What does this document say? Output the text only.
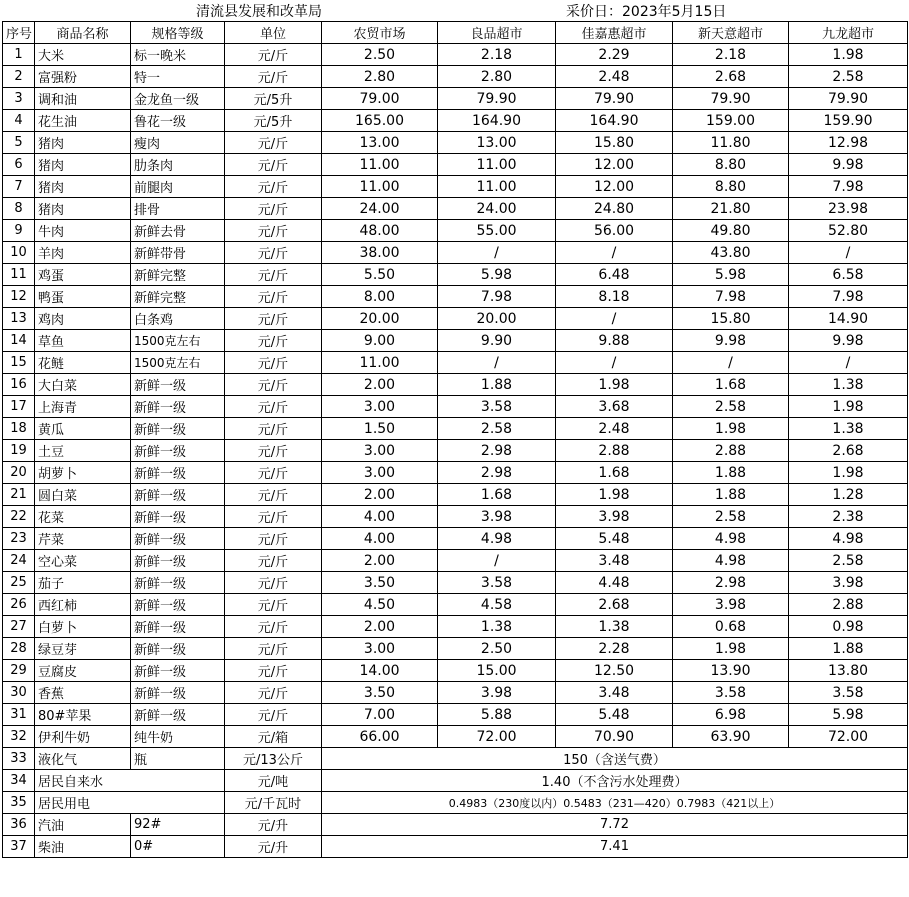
清流县发展和改革局	采价日：2023年5月15日
序号	商品名称	规格等级	单位	农贸市场	良品超市	佳嘉惠超市	新天意超市	九龙超市
1	大米	标一晚米	元/斤	2.50	2.18	2.29	2.18	1.98
2	富强粉	特一	元/斤	2.80	2.80	2.48	2.68	2.58
3	调和油	金龙鱼一级	元/5升	79.00	79.90	79.90	79.90	79.90
4	花生油	鲁花一级	元/5升	165.00	164.90	164.90	159.00	159.90
5	猪肉	瘦肉	元/斤	13.00	13.00	15.80	11.80	12.98
6	猪肉	肋条肉	元/斤	11.00	11.00	12.00	8.80	9.98
7	猪肉	前腿肉	元/斤	11.00	11.00	12.00	8.80	7.98
8	猪肉	排骨	元/斤	24.00	24.00	24.80	21.80	23.98
9	牛肉	新鲜去骨	元/斤	48.00	55.00	56.00	49.80	52.80
10	羊肉	新鲜带骨	元/斤	38.00	/	/	43.80	/
11	鸡蛋	新鲜完整	元/斤	5.50	5.98	6.48	5.98	6.58
12	鸭蛋	新鲜完整	元/斤	8.00	7.98	8.18	7.98	7.98
13	鸡肉	白条鸡	元/斤	20.00	20.00	/	15.80	14.90
14	草鱼	1500克左右	元/斤	9.00	9.90	9.88	9.98	9.98
15	花鲢	1500克左右	元/斤	11.00	/	/	/	/
16	大白菜	新鲜一级	元/斤	2.00	1.88	1.98	1.68	1.38
17	上海青	新鲜一级	元/斤	3.00	3.58	3.68	2.58	1.98
18	黄瓜	新鲜一级	元/斤	1.50	2.58	2.48	1.98	1.38
19	土豆	新鲜一级	元/斤	3.00	2.98	2.88	2.88	2.68
20	胡萝卜	新鲜一级	元/斤	3.00	2.98	1.68	1.88	1.98
21	圆白菜	新鲜一级	元/斤	2.00	1.68	1.98	1.88	1.28
22	花菜	新鲜一级	元/斤	4.00	3.98	3.98	2.58	2.38
23	芹菜	新鲜一级	元/斤	4.00	4.98	5.48	4.98	4.98
24	空心菜	新鲜一级	元/斤	2.00	/	3.48	4.98	2.58
25	茄子	新鲜一级	元/斤	3.50	3.58	4.48	2.98	3.98
26	西红柿	新鲜一级	元/斤	4.50	4.58	2.68	3.98	2.88
27	白萝卜	新鲜一级	元/斤	2.00	1.38	1.38	0.68	0.98
28	绿豆芽	新鲜一级	元/斤	3.00	2.50	2.28	1.98	1.88
29	豆腐皮	新鲜一级	元/斤	14.00	15.00	12.50	13.90	13.80
30	香蕉	新鲜一级	元/斤	3.50	3.98	3.48	3.58	3.58
31	80#苹果	新鲜一级	元/斤	7.00	5.88	5.48	6.98	5.98
32	伊利牛奶	纯牛奶	元/箱	66.00	72.00	70.90	63.90	72.00
33	液化气	瓶	元/13公斤	150（含送气费）				
34	居民自来水		元/吨	1.40（不含污水处理费）				
35	居民用电		元/千瓦时	0.4983（230度以内）0.5483（231—420）0.7983（421以上）				
36	汽油	92#	元/升	7.72				
37	柴油	0#	元/升	7.41				
